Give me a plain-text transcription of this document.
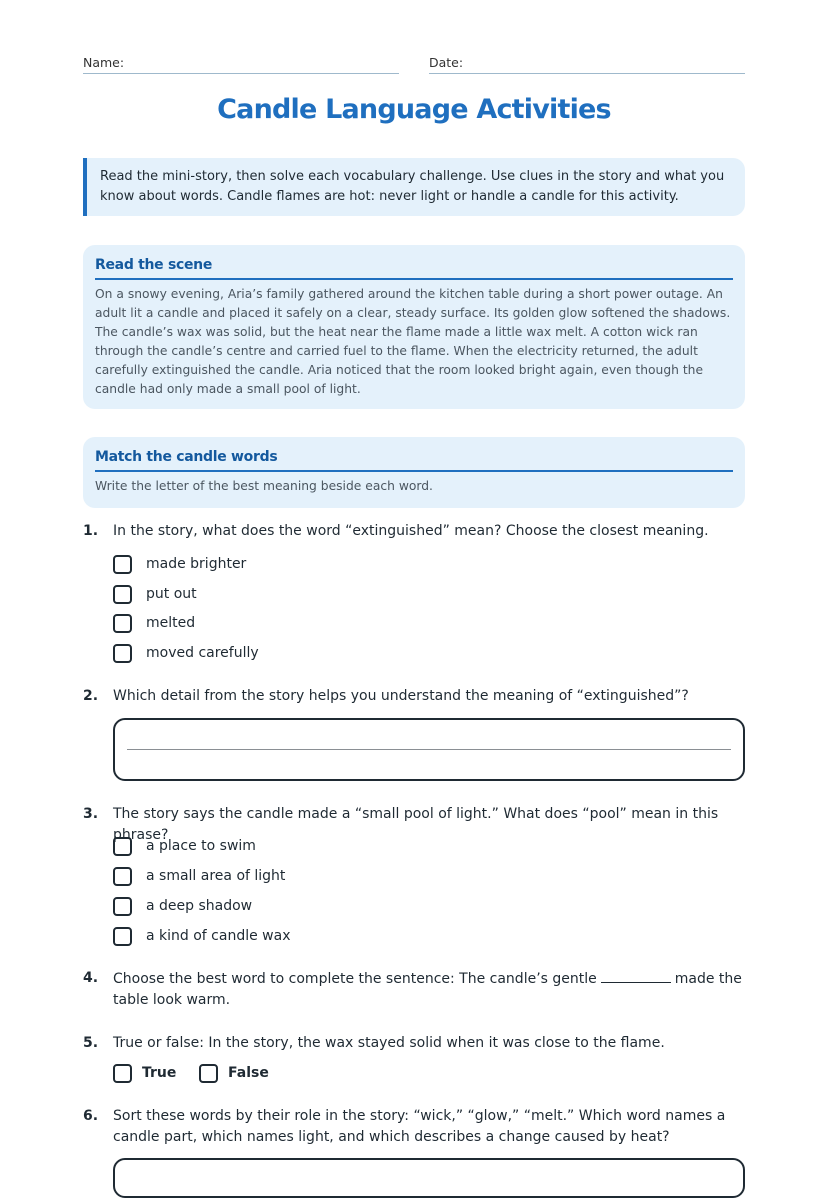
Name:	Date:
Candle Language Activities
Read the mini-story, then solve each vocabulary challenge. Use clues in the story and what you know about words. Candle flames are hot: never light or handle a candle for this activity.
Read the scene
On a snowy evening, Aria’s family gathered around the kitchen table during a short power outage. An adult lit a candle and placed it safely on a clear, steady surface. Its golden glow softened the shadows. The candle’s wax was solid, but the heat near the flame made a little wax melt. A cotton wick ran through the candle’s centre and carried fuel to the flame. When the electricity returned, the adult carefully extinguished the candle. Aria noticed that the room looked bright again, even though the candle had only made a small pool of light.
Match the candle words
Write the letter of the best meaning beside each word.
1. In the story, what does the word “extinguished” mean? Choose the closest meaning.
made brighter
put out
melted
moved carefully
2. Which detail from the story helps you understand the meaning of “extinguished”?
3. The story says the candle made a “small pool of light.” What does “pool” mean in this phrase?
a place to swim
a small area of light
a deep shadow
a kind of candle wax
4. Choose the best word to complete the sentence: The candle’s gentle	made the table look warm.
5. True or false: In the story, the wax stayed solid when it was close to the flame.
True	False
6. Sort these words by their role in the story: “wick,” “glow,” “melt.” Which word names a candle part, which names light, and which describes a change caused by heat?
